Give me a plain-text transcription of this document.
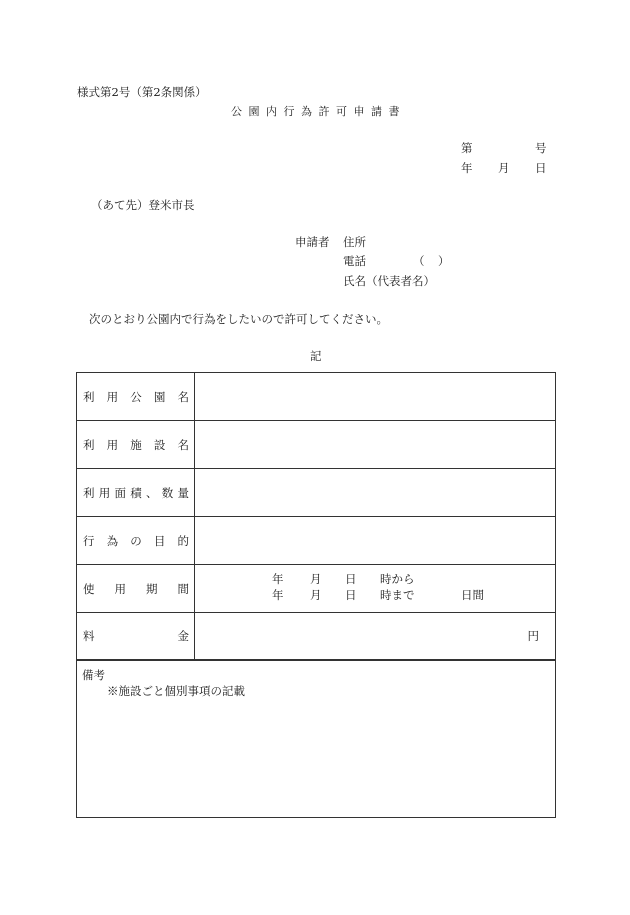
様式第2号（第2条関係）
公園内行為許可申請書
第	号
年 月 日
（あて先）登米市長
申請者 住所
電話	（ ）
氏名（代表者名）
次のとおり公園内で行為をしたいので許可してください。
記
利用公園名
利用施設名
利用面積、数量
行為の目的
使用期間
年 月 日 時から
年 月 日 時まで	日間
料金	円
備考
※施設ごと個別事項の記載
